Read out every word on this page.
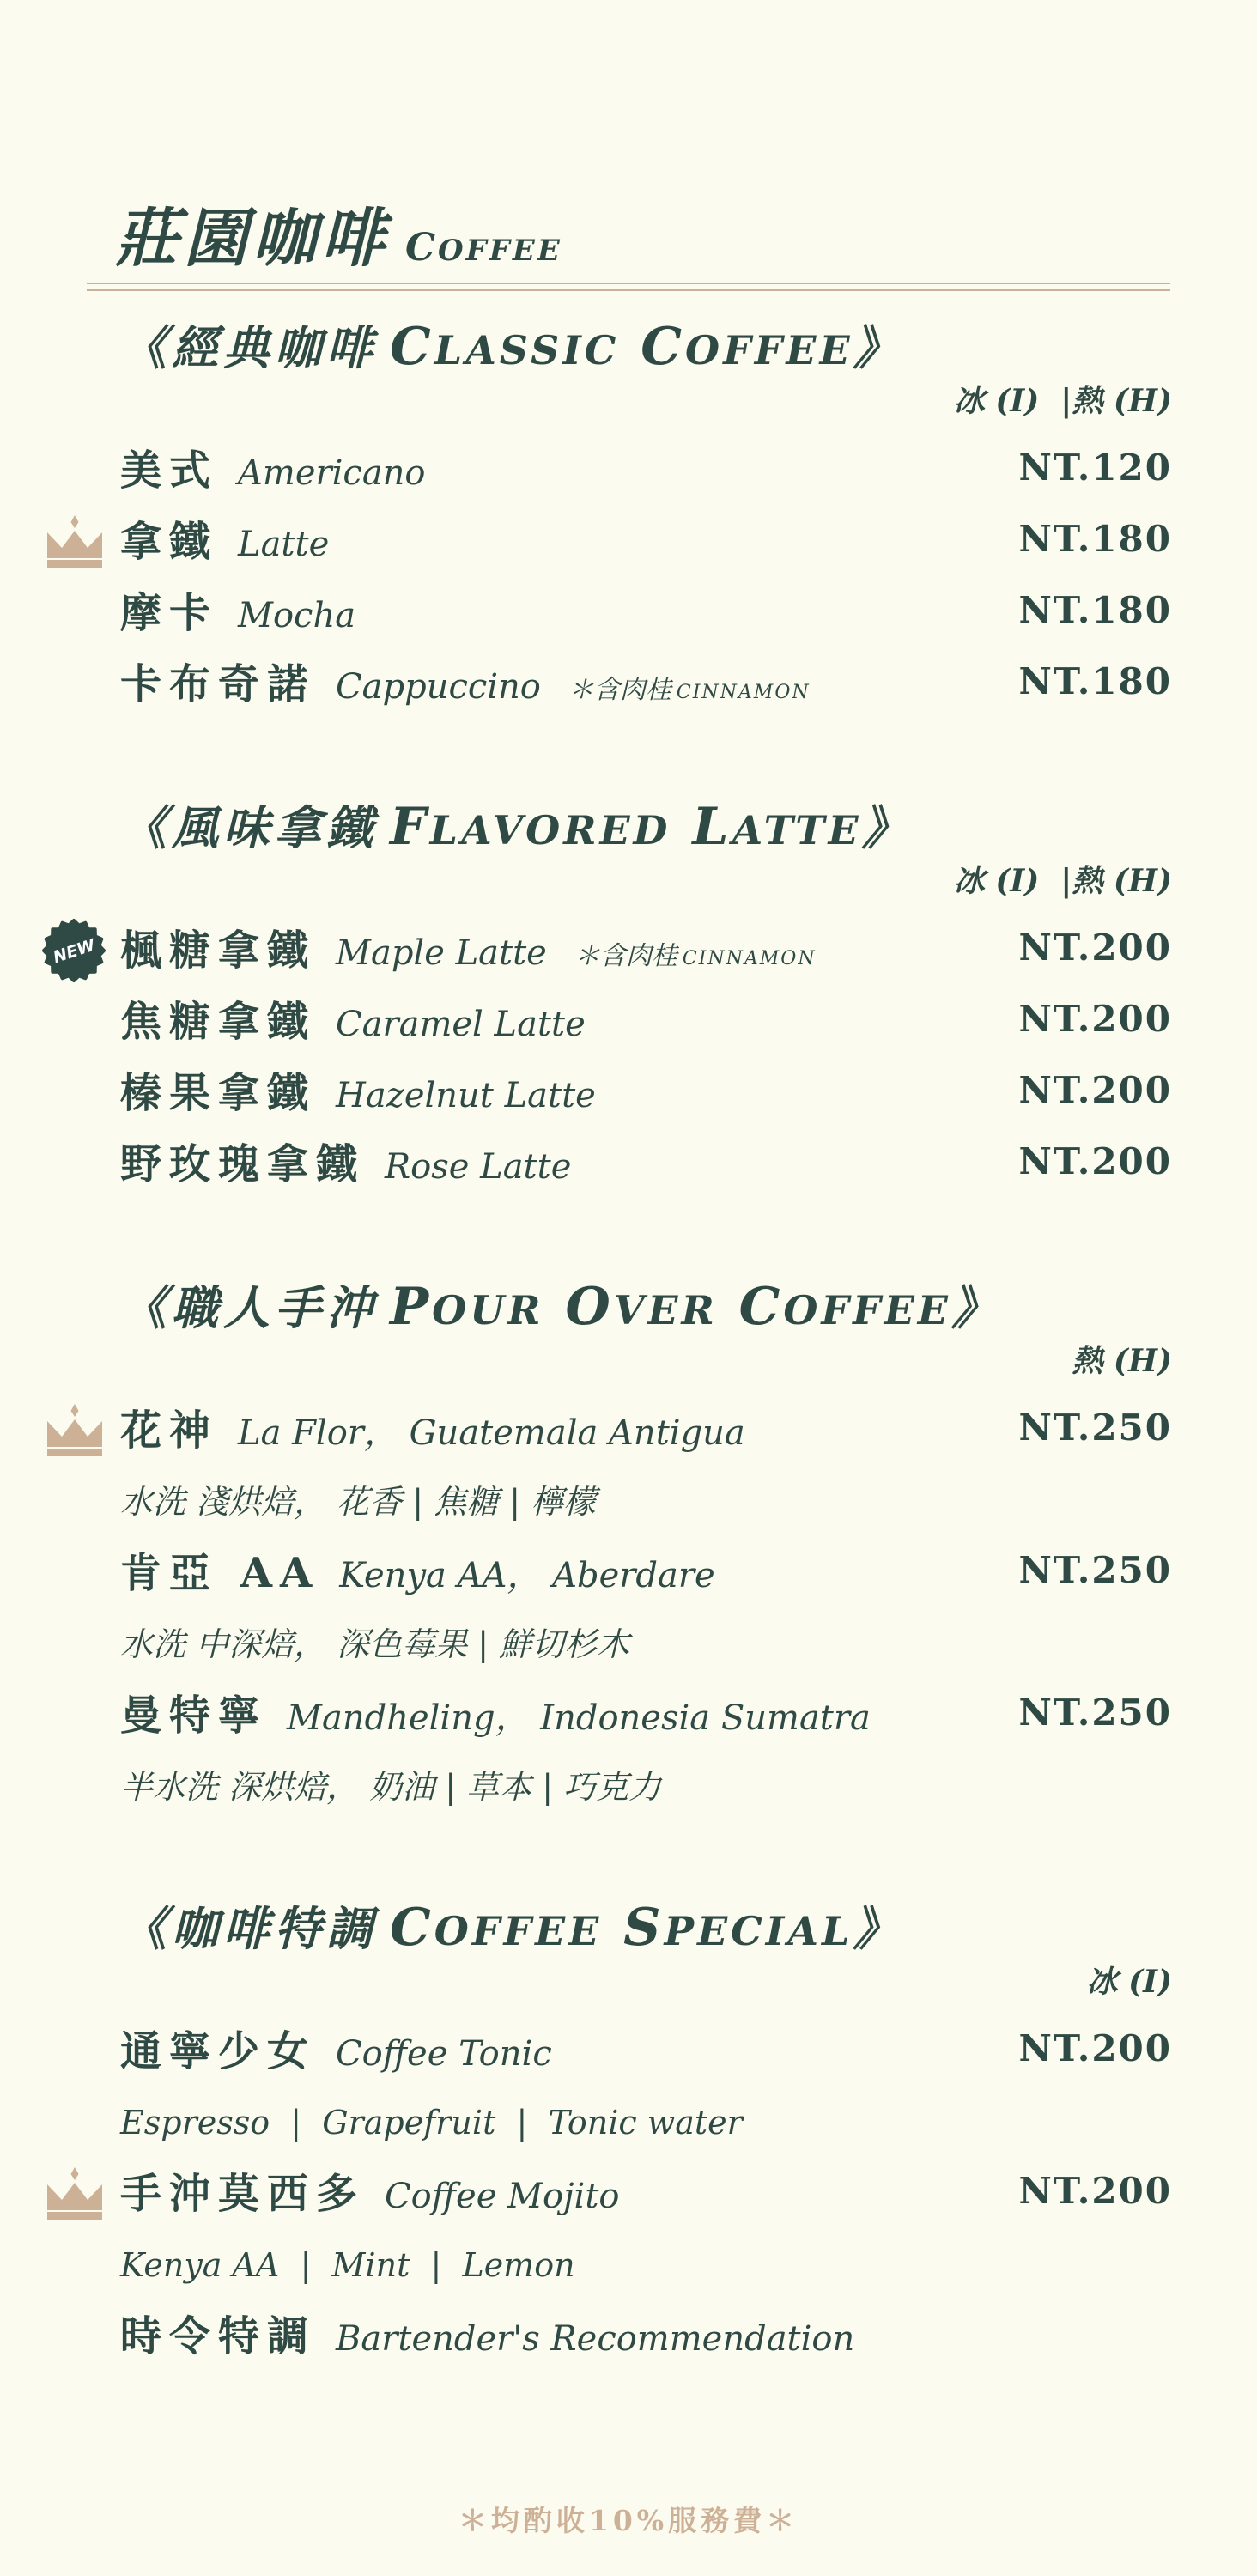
莊園咖啡 COFFEE
《經典咖啡 CLASSIC COFFEE》
冰 (I)  |熱 (H)
美式 Americano	NT.120
拿鐵 Latte	NT.180
摩卡 Mocha	NT.180
卡布奇諾 Cappuccino ＊含肉桂 CINNAMON	NT.180
《風味拿鐵 FLAVORED LATTE》
冰 (I)  |熱 (H)
NEW 楓糖拿鐵 Maple Latte ＊含肉桂 CINNAMON	NT.200
焦糖拿鐵 Caramel Latte	NT.200
榛果拿鐵 Hazelnut Latte	NT.200
野玫瑰拿鐵 Rose Latte	NT.200
《職人手沖 POUR OVER COFFEE》
熱 (H)
花神 La Flor， Guatemala Antigua	NT.250
水洗 淺烘焙， 花香 | 焦糖 | 檸檬
肯亞 AA Kenya AA， Aberdare	NT.250
水洗 中深焙， 深色莓果 | 鮮切杉木
曼特寧 Mandheling， Indonesia Sumatra	NT.250
半水洗 深烘焙， 奶油 | 草本 | 巧克力
《咖啡特調 COFFEE SPECIAL》
冰 (I)
通寧少女 Coffee Tonic	NT.200
Espresso  |  Grapefruit  |  Tonic water
手沖莫西多 Coffee Mojito	NT.200
Kenya AA  |  Mint  |  Lemon
時令特調 Bartender's Recommendation
＊均酌收10%服務費＊
